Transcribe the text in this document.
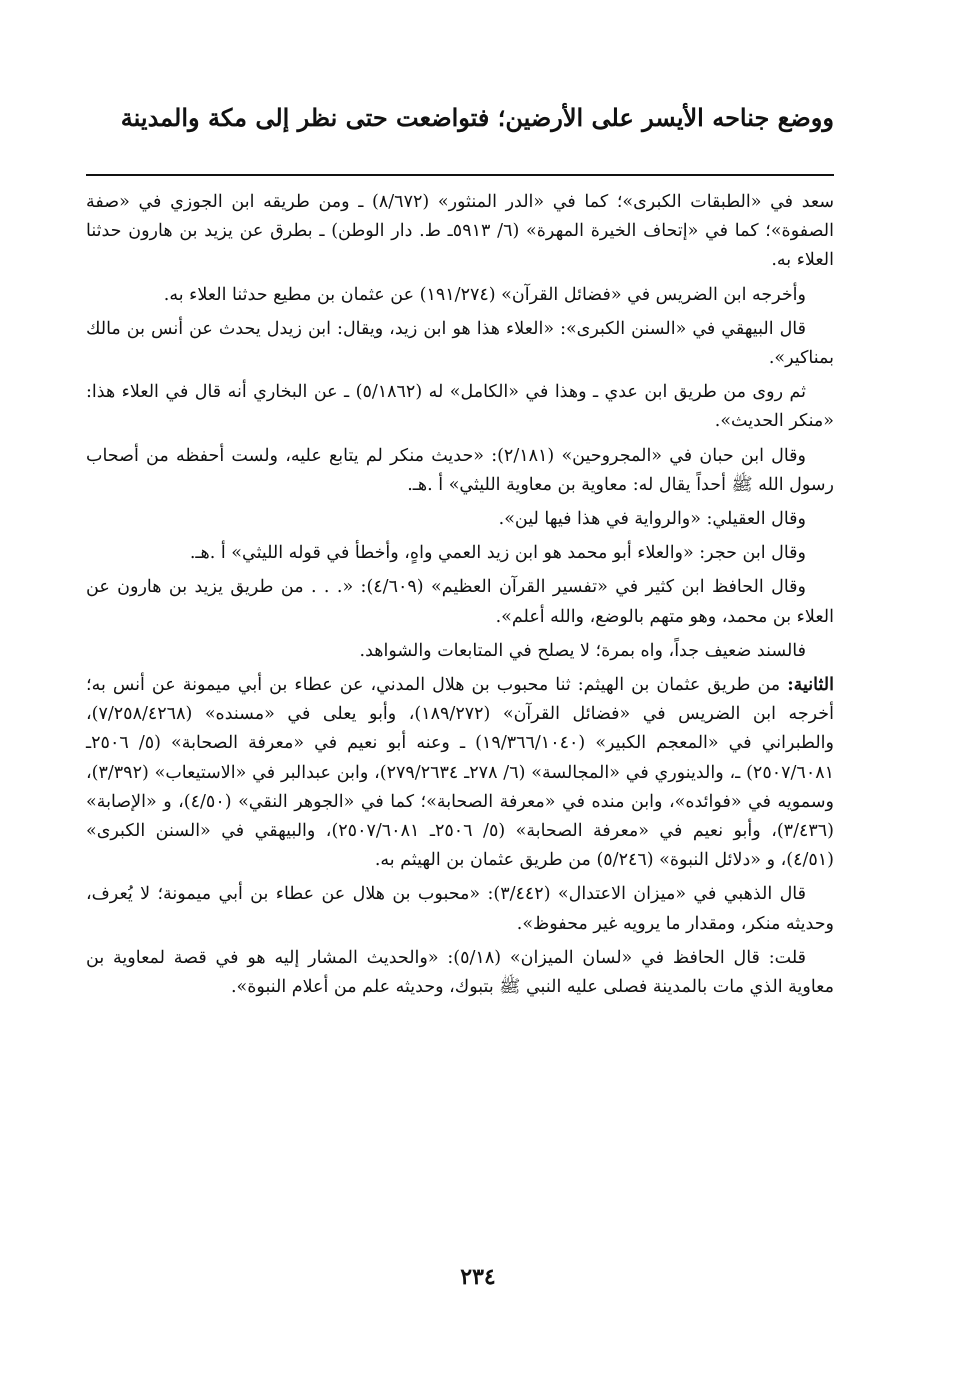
ووضع جناحه الأيسر على الأرضين؛ فتواضعت حتى نظر إلى مكة والمدينة

سعد في «الطبقات الكبرى»؛ كما في «الدر المنثور» (٨/٦٧٢) ـ ومن طريقه ابن الجوزي في «صفة الصفوة»؛ كما في «إتحاف الخيرة المهرة» (٦/ ٥٩١٣ـ ط. دار الوطن) ـ بطرق عن يزيد بن هارون حدثنا العلاء به.

وأخرجه ابن الضريس في «فضائل القرآن» (١٩١/٢٧٤) عن عثمان بن مطيع حدثنا العلاء به.

قال البيهقي في «السنن الكبرى»: «العلاء هذا هو ابن زيد، ويقال: ابن زيدل يحدث عن أنس بن مالك بمناكير».

ثم روى من طريق ابن عدي ـ وهذا في «الكامل» له (٥/١٨٦٢) ـ عن البخاري أنه قال في العلاء هذا: «منكر الحديث».

وقال ابن حبان في «المجروحين» (٢/١٨١): «حديث منكر لم يتابع عليه، ولست أحفظه من أصحاب رسول الله ﷺ أحداً يقال له: معاوية بن معاوية الليثي» أ .هـ.

وقال العقيلي: «والرواية في هذا فيها لين».

وقال ابن حجر: «والعلاء أبو محمد هو ابن زيد العمي واهٍ، وأخطأ في قوله الليثي» أ .هـ.

وقال الحافظ ابن كثير في «تفسير القرآن العظيم» (٤/٦٠٩): «. . . من طريق يزيد بن هارون عن العلاء بن محمد، وهو متهم بالوضع، والله أعلم».

فالسند ضعيف جداً، واه بمرة؛ لا يصلح في المتابعات والشواهد.

الثانية: من طريق عثمان بن الهيثم: ثنا محبوب بن هلال المدني، عن عطاء بن أبي ميمونة عن أنس به؛ أخرجه ابن الضريس في «فضائل القرآن» (١٨٩/٢٧٢)، وأبو يعلى في «مسنده» (٧/٢٥٨/٤٢٦٨)، والطبراني في «المعجم الكبير» (١٩/٣٦٦/١٠٤٠) ـ وعنه أبو نعيم في «معرفة الصحابة» (٥/ ٢٥٠٦ـ ٢٥٠٧/٦٠٨١) ـ، والدينوري في «المجالسة» (٦/ ٢٧٨ـ ٢٧٩/٢٦٣٤)، وابن عبدالبر في «الاستيعاب» (٣/٣٩٢)، وسمويه في «فوائده»، وابن منده في «معرفة الصحابة»؛ كما في «الجوهر النقي» (٤/٥٠)، و «الإصابة» (٣/٤٣٦)، وأبو نعيم في «معرفة الصحابة» (٥/ ٢٥٠٦ـ ٢٥٠٧/٦٠٨١)، والبيهقي في «السنن الكبرى» (٤/٥١)، و «دلائل النبوة» (٥/٢٤٦) من طريق عثمان بن الهيثم به.

قال الذهبي في «ميزان الاعتدال» (٣/٤٤٢): «محبوب بن هلال عن عطاء بن أبي ميمونة؛ لا يُعرف، وحديثه منكر، ومقدار ما يرويه غير محفوظ».

قلت: قال الحافظ في «لسان الميزان» (٥/١٨): «والحديث المشار إليه هو في قصة لمعاوية بن معاوية الذي مات بالمدينة فصلى عليه النبي ﷺ بتبوك، وحديثه علم من أعلام النبوة».

٢٣٤
